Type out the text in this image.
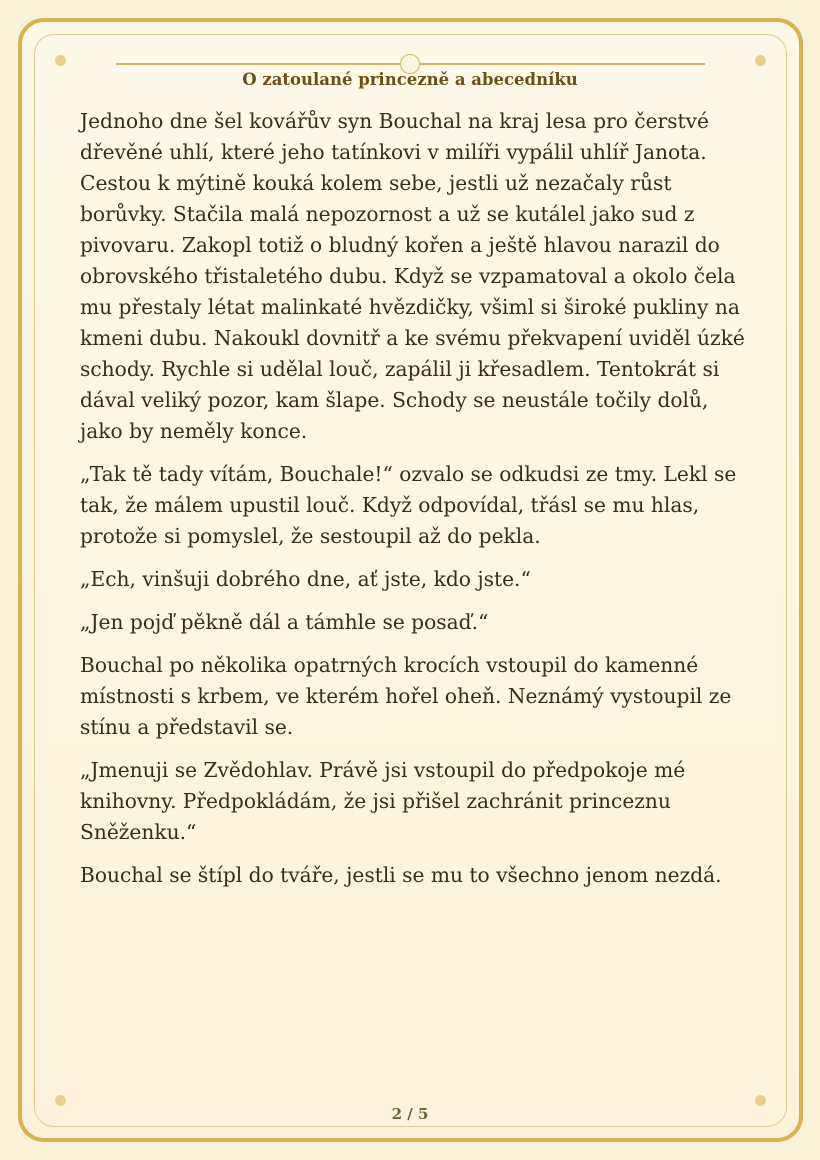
O zatoulané princezně a abecedníku

Jednoho dne šel kovářův syn Bouchal na kraj lesa pro čerstvé dřevěné uhlí, které jeho tatínkovi v milíři vypálil uhlíř Janota. Cestou k mýtině kouká kolem sebe, jestli už nezačaly růst borůvky. Stačila malá nepozornost a už se kutálel jako sud z pivovaru. Zakopl totiž o bludný kořen a ještě hlavou narazil do obrovského třistaletého dubu. Když se vzpamatoval a okolo čela mu přestaly létat malinkaté hvězdičky, všiml si široké pukliny na kmeni dubu. Nakoukl dovnitř a ke svému překvapení uviděl úzké schody. Rychle si udělal louč, zapálil ji křesadlem. Tentokrát si dával veliký pozor, kam šlape. Schody se neustále točily dolů, jako by neměly konce.

„Tak tě tady vítám, Bouchale!“ ozvalo se odkudsi ze tmy. Lekl se tak, že málem upustil louč. Když odpovídal, třásl se mu hlas, protože si pomyslel, že sestoupil až do pekla.

„Ech, vinšuji dobrého dne, ať jste, kdo jste.“

„Jen pojď pěkně dál a támhle se posaď.“

Bouchal po několika opatrných krocích vstoupil do kamenné místnosti s krbem, ve kterém hořel oheň. Neznámý vystoupil ze stínu a představil se.

„Jmenuji se Zvědohlav. Právě jsi vstoupil do předpokoje mé knihovny. Předpokládám, že jsi přišel zachránit princeznu Sněženku.“

Bouchal se štípl do tváře, jestli se mu to všechno jenom nezdá.

2 / 5
